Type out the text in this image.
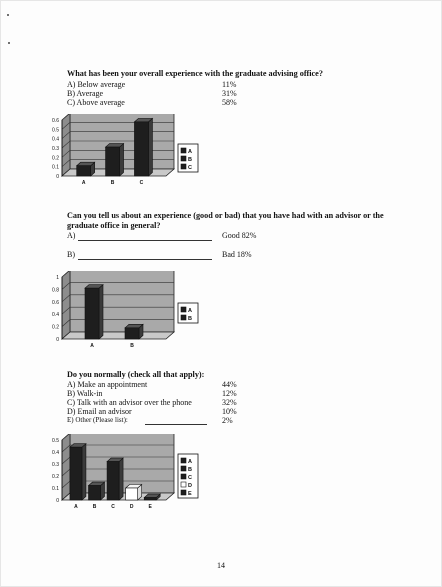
What has been your overall experience with the graduate advising office?
A) Below average	11%
B) Average	31%
C) Above average	58%
0
0.1
0.2
0.3
0.4
0.5
0.6
A	B	C
A
B
C
Can you tell us about an experience (good or bad) that you have had with an advisor or the
graduate office in general?
A)	Good 82%
B)	Bad 18%
0
0.2
0.4
0.6
0.8
1
A	B
A
B
Do you normally (check all that apply):
A) Make an appointment	44%
B) Walk-in	12%
C) Talk with an advisor over the phone	32%
D) Email an advisor	10%
E) Other (Please list):	2%
0
0.1
0.2
0.3
0.4
0.5
A	B	C	D	E
A
B
C
D
E
14
